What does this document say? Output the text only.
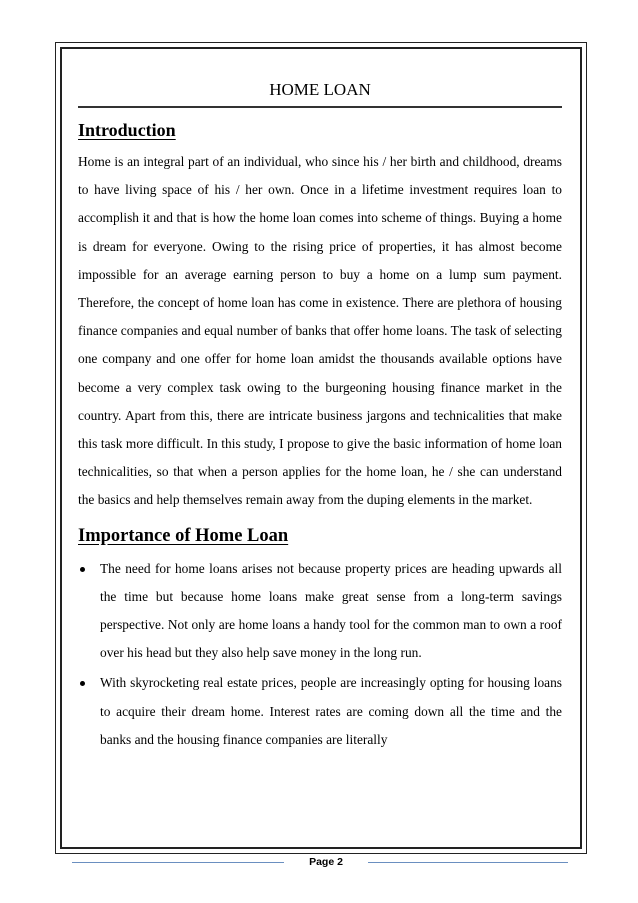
HOME LOAN
Introduction

Home is an integral part of an individual, who since his / her birth and childhood, dreams to have living space of his / her own. Once in a lifetime investment requires loan to accomplish it and that is how the home loan comes into scheme of things. Buying a home is dream for everyone. Owing to the rising price of properties, it has almost become impossible for an average earning person to buy a home on a lump sum payment. Therefore, the concept of home loan has come in existence. There are plethora of housing finance companies and equal number of banks that offer home loans. The task of selecting one company and one offer for home loan amidst the thousands available options have become a very complex task owing to the burgeoning housing finance market in the country. Apart from this, there are intricate business jargons and technicalities that make this task more difficult. In this study, I propose to give the basic information of home loan technicalities, so that when a person applies for the home loan, he / she can understand the basics and help themselves remain away from the duping elements in the market.

Importance of Home Loan
The need for home loans arises not because property prices are heading upwards all the time but because home loans make great sense from a long-term savings perspective. Not only are home loans a handy tool for the common man to own a roof over his head but they also help save money in the long run.
With skyrocketing real estate prices, people are increasingly opting for housing loans to acquire their dream home. Interest rates are coming down all the time and the banks and the housing finance companies are literally
Page 2
